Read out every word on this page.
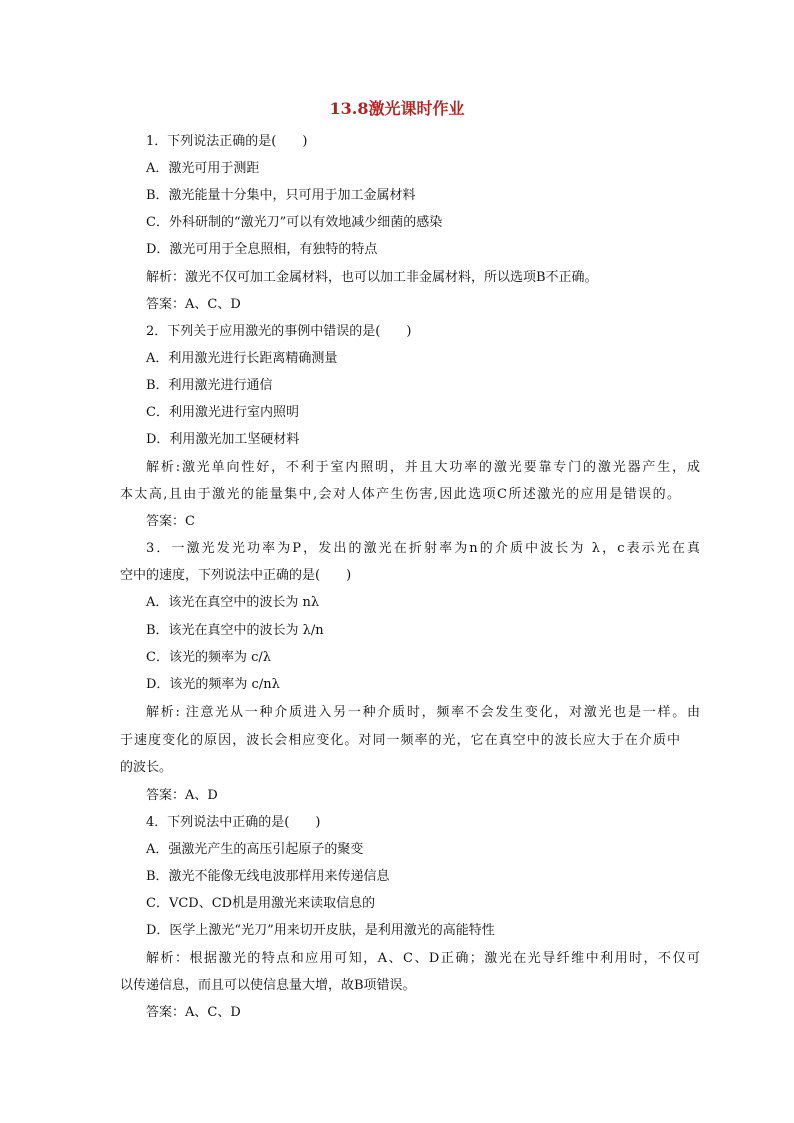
13.8激光课时作业
1．下列说法正确的是(　　)
A．激光可用于测距
B．激光能量十分集中，只可用于加工金属材料
C．外科研制的“激光刀”可以有效地减少细菌的感染
D．激光可用于全息照相，有独特的特点
解析：激光不仅可加工金属材料，也可以加工非金属材料，所以选项B不正确。
答案：A、C、D
2．下列关于应用激光的事例中错误的是(　　)
A．利用激光进行长距离精确测量
B．利用激光进行通信
C．利用激光进行室内照明
D．利用激光加工坚硬材料
解析:激光单向性好，不利于室内照明，并且大功率的激光要靠专门的激光器产生，成
本太高,且由于激光的能量集中,会对人体产生伤害,因此选项C所述激光的应用是错误的。
答案：C
3．一激光发光功率为P，发出的激光在折射率为n的介质中波长为 λ，c表示光在真
空中的速度，下列说法中正确的是(　　)
A．该光在真空中的波长为 nλ
B．该光在真空中的波长为 λ/n
C．该光的频率为 c/λ
D．该光的频率为 c/nλ
解析: 注意光从一种介质进入另一种介质时，频率不会发生变化，对激光也是一样。由
于速度变化的原因，波长会相应变化。对同一频率的光，它在真空中的波长应大于在介质中
的波长。
答案：A、D
4．下列说法中正确的是(　　)
A．强激光产生的高压引起原子的聚变
B．激光不能像无线电波那样用来传递信息
C．VCD、CD机是用激光来读取信息的
D．医学上激光“光刀”用来切开皮肤，是利用激光的高能特性
解析：根据激光的特点和应用可知，A、C、D正确；激光在光导纤维中利用时，不仅可
以传递信息，而且可以使信息量大增，故B项错误。
答案：A、C、D
